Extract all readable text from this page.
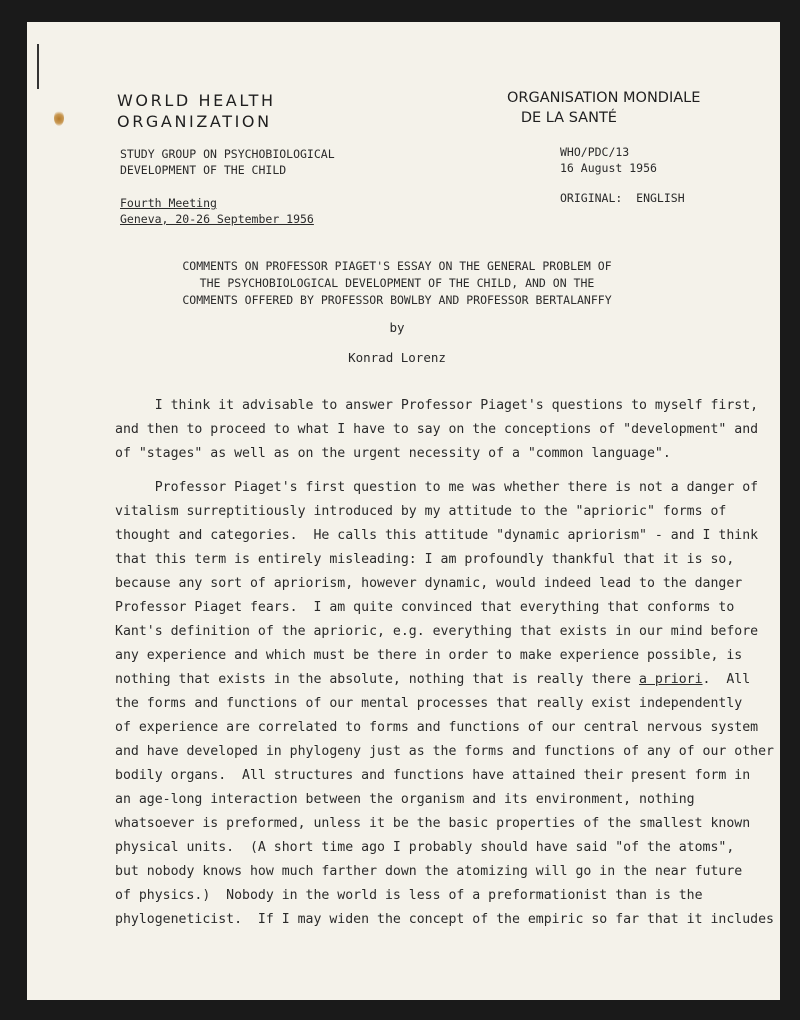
WORLD HEALTH
ORGANIZATION
ORGANISATION MONDIALE
DE LA SANTÉ
STUDY GROUP ON PSYCHOBIOLOGICAL
DEVELOPMENT OF THE CHILD
WHO/PDC/13
16 August 1956
Fourth Meeting
Geneva, 20-26 September 1956
ORIGINAL:  ENGLISH
COMMENTS ON PROFESSOR PIAGET'S ESSAY ON THE GENERAL PROBLEM OF
THE PSYCHOBIOLOGICAL DEVELOPMENT OF THE CHILD, AND ON THE
COMMENTS OFFERED BY PROFESSOR BOWLBY AND PROFESSOR BERTALANFFY
by
Konrad Lorenz
I think it advisable to answer Professor Piaget's questions to myself first,
and then to proceed to what I have to say on the conceptions of "development" and
of "stages" as well as on the urgent necessity of a "common language".
Professor Piaget's first question to me was whether there is not a danger of
vitalism surreptitiously introduced by my attitude to the "aprioric" forms of
thought and categories.  He calls this attitude "dynamic apriorism" - and I think
that this term is entirely misleading: I am profoundly thankful that it is so,
because any sort of apriorism, however dynamic, would indeed lead to the danger
Professor Piaget fears.  I am quite convinced that everything that conforms to
Kant's definition of the aprioric, e.g. everything that exists in our mind before
any experience and which must be there in order to make experience possible, is
nothing that exists in the absolute, nothing that is really there a priori.  All
the forms and functions of our mental processes that really exist independently
of experience are correlated to forms and functions of our central nervous system
and have developed in phylogeny just as the forms and functions of any of our other
bodily organs.  All structures and functions have attained their present form in
an age-long interaction between the organism and its environment, nothing
whatsoever is preformed, unless it be the basic properties of the smallest known
physical units.  (A short time ago I probably should have said "of the atoms",
but nobody knows how much farther down the atomizing will go in the near future
of physics.)  Nobody in the world is less of a preformationist than is the
phylogeneticist.  If I may widen the concept of the empiric so far that it includes
